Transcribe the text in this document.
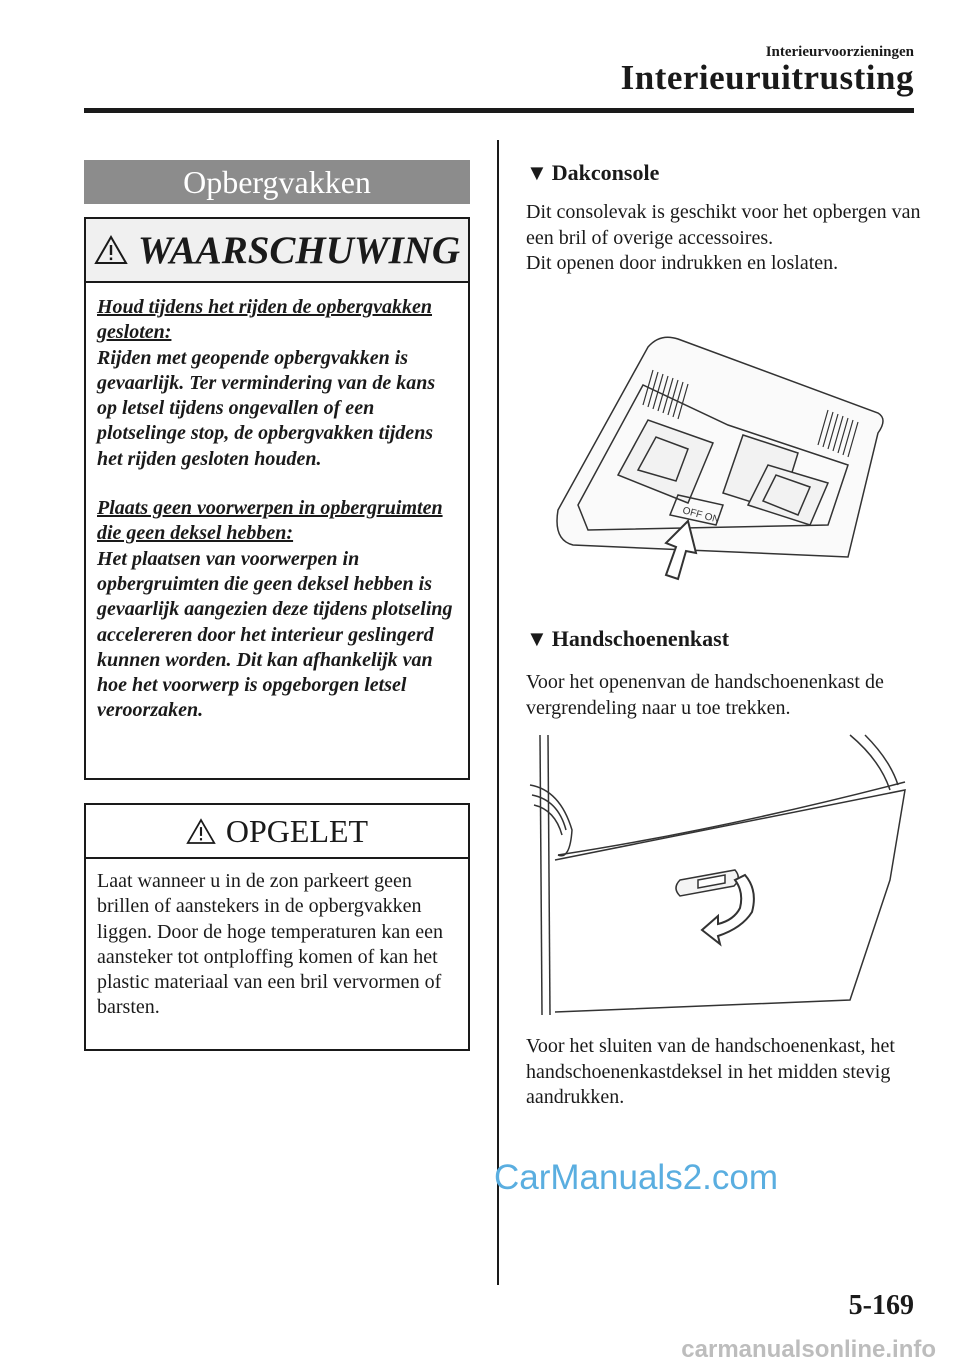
Interieurvoorzieningen
Interieuruitrusting
Opbergvakken
WAARSCHUWING

Houd tijdens het rijden de opbergvakken gesloten:

Rijden met geopende opbergvakken is gevaarlijk. Ter vermindering van de kans op letsel tijdens ongevallen of een plotselinge stop, de opbergvakken tijdens het rijden gesloten houden.

Plaats geen voorwerpen in opbergruimten die geen deksel hebben:

Het plaatsen van voorwerpen in opbergruimten die geen deksel hebben is gevaarlijk aangezien deze tijdens plotseling accelereren door het interieur geslingerd kunnen worden. Dit kan afhankelijk van hoe het voorwerp is opgeborgen letsel veroorzaken.

OPGELET
Laat wanneer u in de zon parkeert geen brillen of aanstekers in de opbergvakken liggen. Door de hoge temperaturen kan een aansteker tot ontploffing komen of kan het plastic materiaal van een bril vervormen of barsten.
▼ Dakconsole

Dit consolevak is geschikt voor het opbergen van een bril of overige accessoires.
Dit openen door indrukken en loslaten.

OFF ON
▼ Handschoenenkast

Voor het openenvan de handschoenenkast de vergrendeling naar u toe trekken.

Voor het sluiten van de handschoenenkast, het handschoenenkastdeksel in het midden stevig aandrukken.

CarManuals2.com
5-169
carmanualsonline.info
